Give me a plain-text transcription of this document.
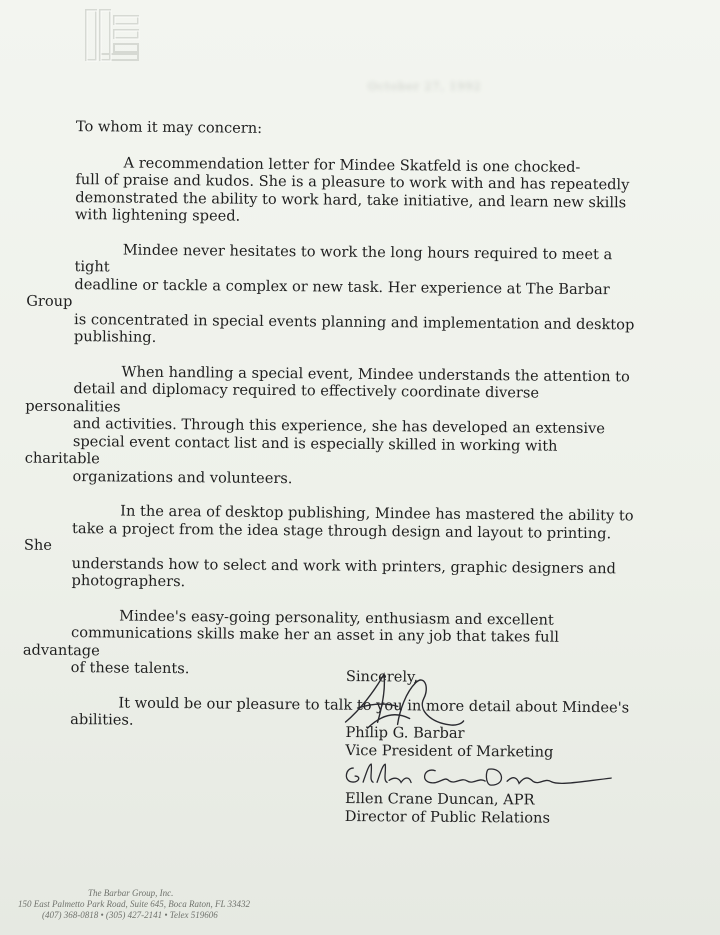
October 27, 1992
To whom it may concern:
A recommendation letter for Mindee Skatfeld is one chocked-
full of praise and kudos. She is a pleasure to work with and has repeatedly
demonstrated the ability to work hard, take initiative, and learn new skills
with lightening speed.
Mindee never hesitates to work the long hours required to meet a tight
deadline or tackle a complex or new task. Her experience at The Barbar Group
is concentrated in special events planning and implementation and desktop
publishing.
When handling a special event, Mindee understands the attention to
detail and diplomacy required to effectively coordinate diverse personalities
and activities. Through this experience, she has developed an extensive
special event contact list and is especially skilled in working with charitable
organizations and volunteers.
In the area of desktop publishing, Mindee has mastered the ability to
take a project from the idea stage through design and layout to printing. She
understands how to select and work with printers, graphic designers and
photographers.
Mindee's easy-going personality, enthusiasm and excellent
communications skills make her an asset in any job that takes full advantage
of these talents.
It would be our pleasure to talk to you in more detail about Mindee's
abilities.
Sincerely,
Philip G. Barbar
Vice President of Marketing
Ellen Crane Duncan, APR
Director of Public Relations
The Barbar Group, Inc.
150 East Palmetto Park Road, Suite 645, Boca Raton, FL 33432
(407) 368-0818 • (305) 427-2141 • Telex 519606
